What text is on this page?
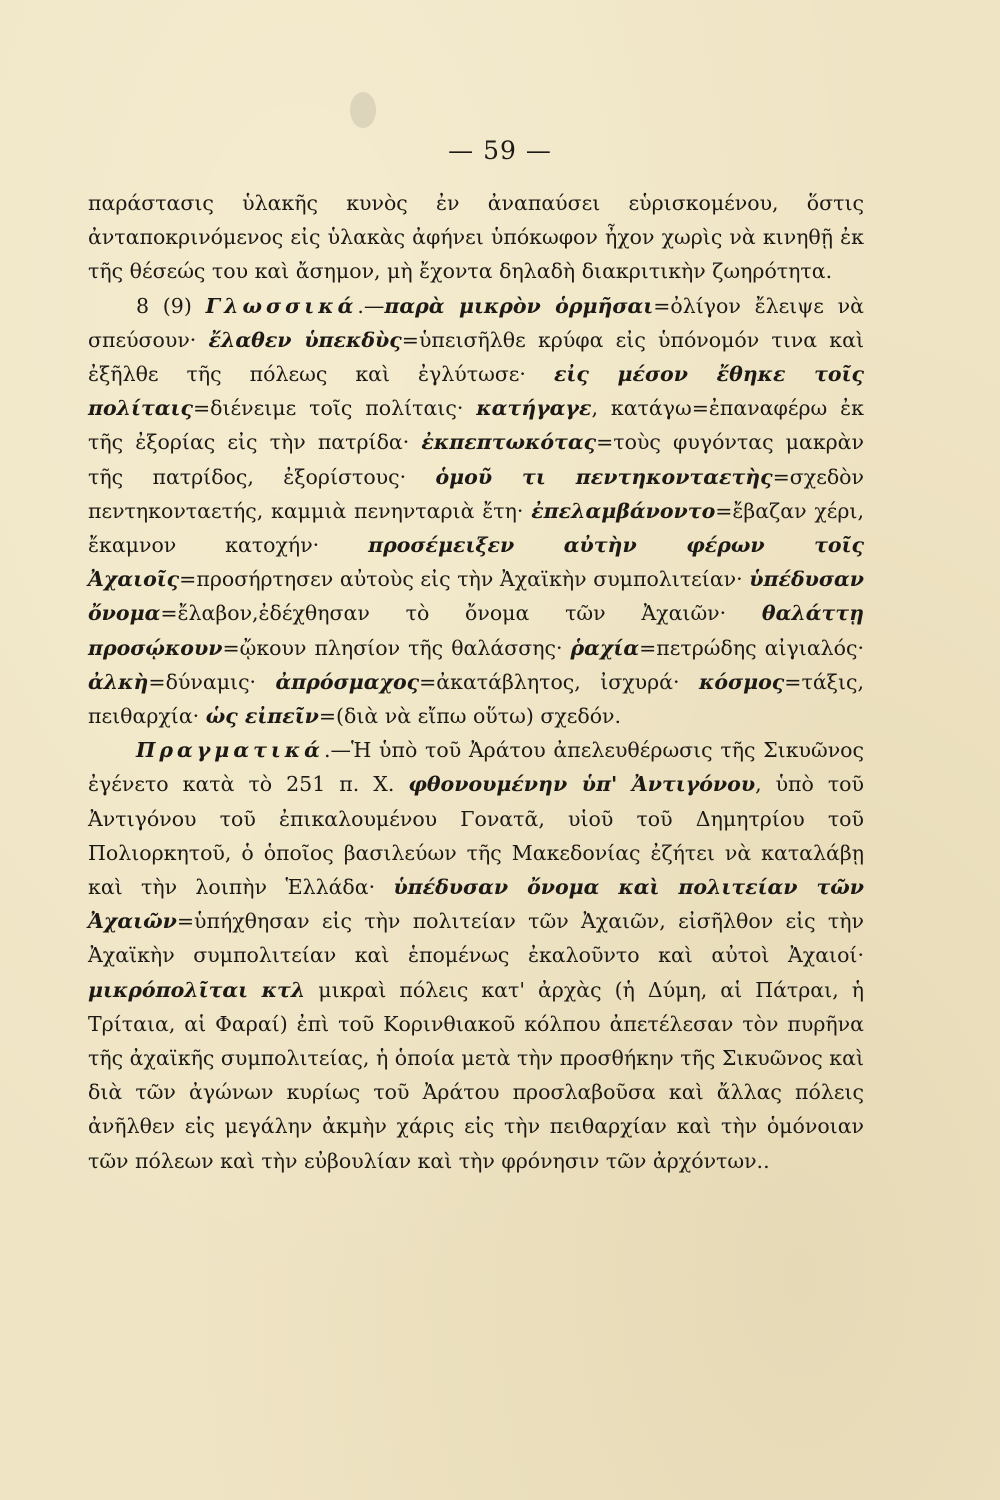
— 59 —

παράστασις ὑλακῆς κυνὸς ἐν ἀναπαύσει εὑρισκομένου, ὅστις ἀνταποκρινόμενος εἰς ὑλακὰς ἀφήνει ὑπόκωφον ἦχον χωρὶς νὰ κινηθῇ ἐκ τῆς θέσεώς του καὶ ἄσημον, μὴ ἔχοντα δηλαδὴ διακριτικὴν ζωηρότητα.

8 (9) Γλωσσικά.—παρὰ μικρὸν ὁρμῆσαι=ὀλίγον ἔλειψε νὰ σπεύσουν· ἔλαθεν ὑπεκδὺς=ὑπεισῆλθε κρύφα εἰς ὑπόνομόν τινα καὶ ἐξῆλθε τῆς πόλεως καὶ ἐγλύτωσε· εἰς μέσον ἔθηκε τοῖς πολίταις=διένειμε τοῖς πολίταις· κατήγαγε, κατάγω=ἐπαναφέρω ἐκ τῆς ἐξορίας εἰς τὴν πατρίδα· ἐκπεπτωκότας=τοὺς φυγόντας μακρὰν τῆς πατρίδος, ἐξορίστους· ὁμοῦ τι πεντηκονταετὴς=σχεδὸν πεντηκονταετής, καμμιὰ πενηνταριὰ ἔτη· ἐπελαμβάνοντο=ἔβαζαν χέρι, ἔκαμνον κατοχήν· προσέμειξεν αὐτὴν φέρων τοῖς Ἀχαιοῖς=προσήρτησεν αὐτοὺς εἰς τὴν Ἀχαϊκὴν συμπολιτείαν· ὑπέδυσαν ὄνομα=ἔλαβον,ἐδέχθησαν τὸ ὄνομα τῶν Ἀχαιῶν· θαλάττῃ προσῴκουν=ᾤκουν πλησίον τῆς θαλάσσης· ῥαχία=πετρώδης αἰγιαλός· ἀλκὴ=δύναμις· ἀπρόσμαχος=ἀκατάβλητος, ἰσχυρά· κόσμος=τάξις, πειθαρχία· ὡς εἰπεῖν=(διὰ νὰ εἴπω οὕτω) σχεδόν.

Πραγματικά.—Ἡ ὑπὸ τοῦ Ἀράτου ἀπελευθέρωσις τῆς Σικυῶνος ἐγένετο κατὰ τὸ 251 π. Χ. φθονουμένην ὑπ' Ἀντιγόνου, ὑπὸ τοῦ Ἀντιγόνου τοῦ ἐπικαλουμένου Γονατᾶ, υἱοῦ τοῦ Δημητρίου τοῦ Πολιορκητοῦ, ὁ ὁποῖος βασιλεύων τῆς Μακεδονίας ἐζήτει νὰ καταλάβῃ καὶ τὴν λοιπὴν Ἑλλάδα· ὑπέδυσαν ὄνομα καὶ πολιτείαν τῶν Ἀχαιῶν=ὑπήχθησαν εἰς τὴν πολιτείαν τῶν Ἀχαιῶν, εἰσῆλθον εἰς τὴν Ἀχαϊκὴν συμπολιτείαν καὶ ἑπομένως ἐκαλοῦντο καὶ αὐτοὶ Ἀχαιοί· μικρόπολῖται κτλ μικραὶ πόλεις κατ' ἀρχὰς (ἡ Δύμη, αἱ Πάτραι, ἡ Τρίταια, αἱ Φαραί) ἐπὶ τοῦ Κορινθιακοῦ κόλπου ἀπετέλεσαν τὸν πυρῆνα τῆς ἀχαϊκῆς συμπολιτείας, ἡ ὁποία μετὰ τὴν προσθήκην τῆς Σικυῶνος καὶ διὰ τῶν ἀγώνων κυρίως τοῦ Ἀράτου προσλαβοῦσα καὶ ἄλλας πόλεις ἀνῆλθεν εἰς μεγάλην ἀκμὴν χάρις εἰς τὴν πειθαρχίαν καὶ τὴν ὁμόνοιαν τῶν πόλεων καὶ τὴν εὐβουλίαν καὶ τὴν φρόνησιν τῶν ἀρχόντων..
